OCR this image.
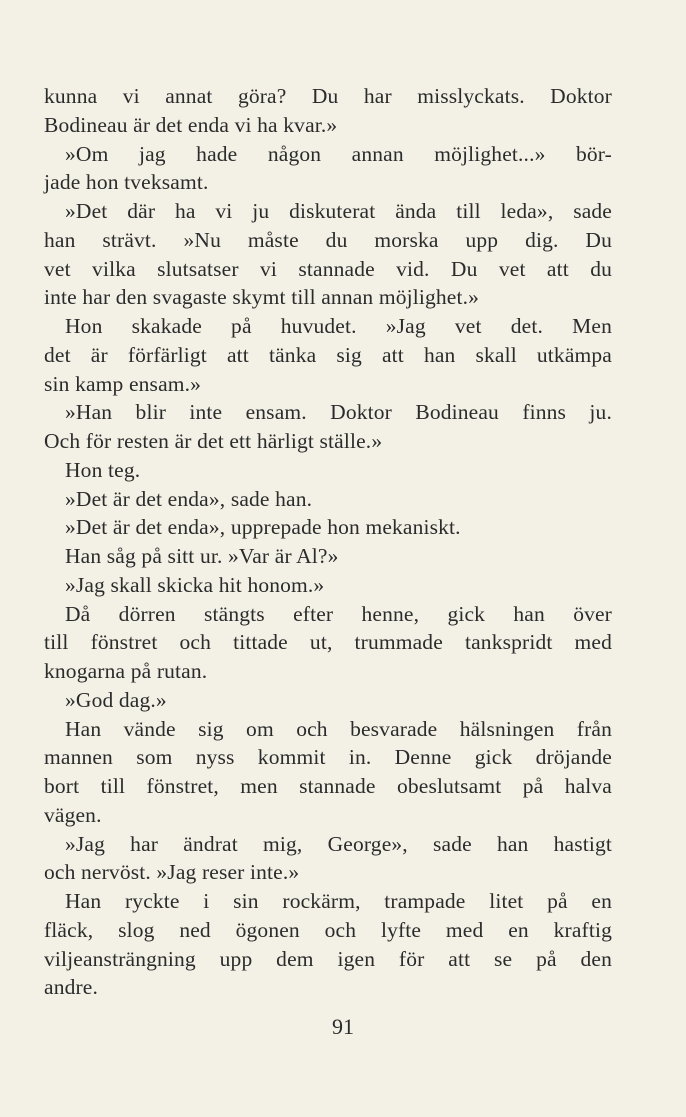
kunna vi annat göra? Du har misslyckats. Doktor
Bodineau är det enda vi ha kvar.»
»Om jag hade någon annan möjlighet...» bör-
jade hon tveksamt.
»Det där ha vi ju diskuterat ända till leda», sade
han strävt. »Nu måste du morska upp dig. Du
vet vilka slutsatser vi stannade vid. Du vet att du
inte har den svagaste skymt till annan möjlighet.»
Hon skakade på huvudet. »Jag vet det. Men
det är förfärligt att tänka sig att han skall utkämpa
sin kamp ensam.»
»Han blir inte ensam. Doktor Bodineau finns ju.
Och för resten är det ett härligt ställe.»
Hon teg.
»Det är det enda», sade han.
»Det är det enda», upprepade hon mekaniskt.
Han såg på sitt ur. »Var är Al?»
»Jag skall skicka hit honom.»
Då dörren stängts efter henne, gick han över
till fönstret och tittade ut, trummade tankspridt med
knogarna på rutan.
»God dag.»
Han vände sig om och besvarade hälsningen från
mannen som nyss kommit in. Denne gick dröjande
bort till fönstret, men stannade obeslutsamt på halva
vägen.
»Jag har ändrat mig, George», sade han hastigt
och nervöst. »Jag reser inte.»
Han ryckte i sin rockärm, trampade litet på en
fläck, slog ned ögonen och lyfte med en kraftig
viljeansträngning upp dem igen för att se på den
andre.
91
